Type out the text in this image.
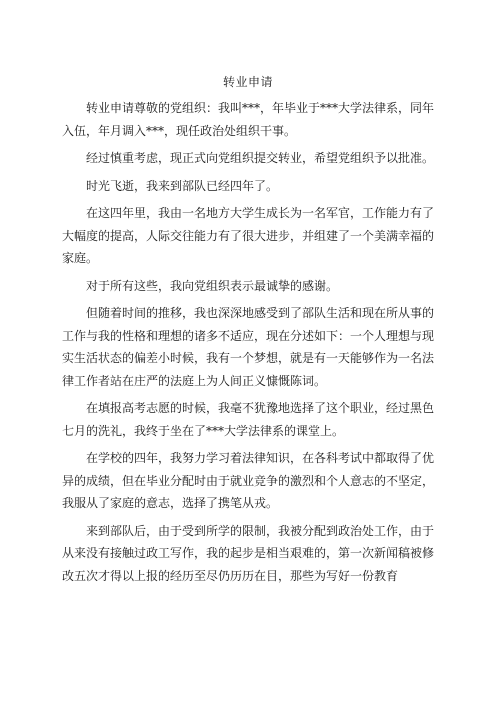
转业申请

转业申请尊敬的党组织：我叫***，年毕业于***大学法律系，同年入伍，年月调入***，现任政治处组织干事。

经过慎重考虑，现正式向党组织提交转业，希望党组织予以批准。

时光飞逝，我来到部队已经四年了。

在这四年里，我由一名地方大学生成长为一名军官，工作能力有了大幅度的提高，人际交往能力有了很大进步，并组建了一个美满幸福的家庭。

对于所有这些，我向党组织表示最诚挚的感谢。

但随着时间的推移，我也深深地感受到了部队生活和现在所从事的工作与我的性格和理想的诸多不适应，现在分述如下：一个人理想与现实生活状态的偏差小时候，我有一个梦想，就是有一天能够作为一名法律工作者站在庄严的法庭上为人间正义慷慨陈词。

在填报高考志愿的时候，我毫不犹豫地选择了这个职业，经过黑色七月的洗礼，我终于坐在了***大学法律系的课堂上。

在学校的四年，我努力学习着法律知识，在各科考试中都取得了优异的成绩，但在毕业分配时由于就业竞争的激烈和个人意志的不坚定，我服从了家庭的意志，选择了携笔从戎。

来到部队后，由于受到所学的限制，我被分配到政治处工作，由于从来没有接触过政工写作，我的起步是相当艰难的，第一次新闻稿被修改五次才得以上报的经历至尽仍历历在目，那些为写好一份教育
